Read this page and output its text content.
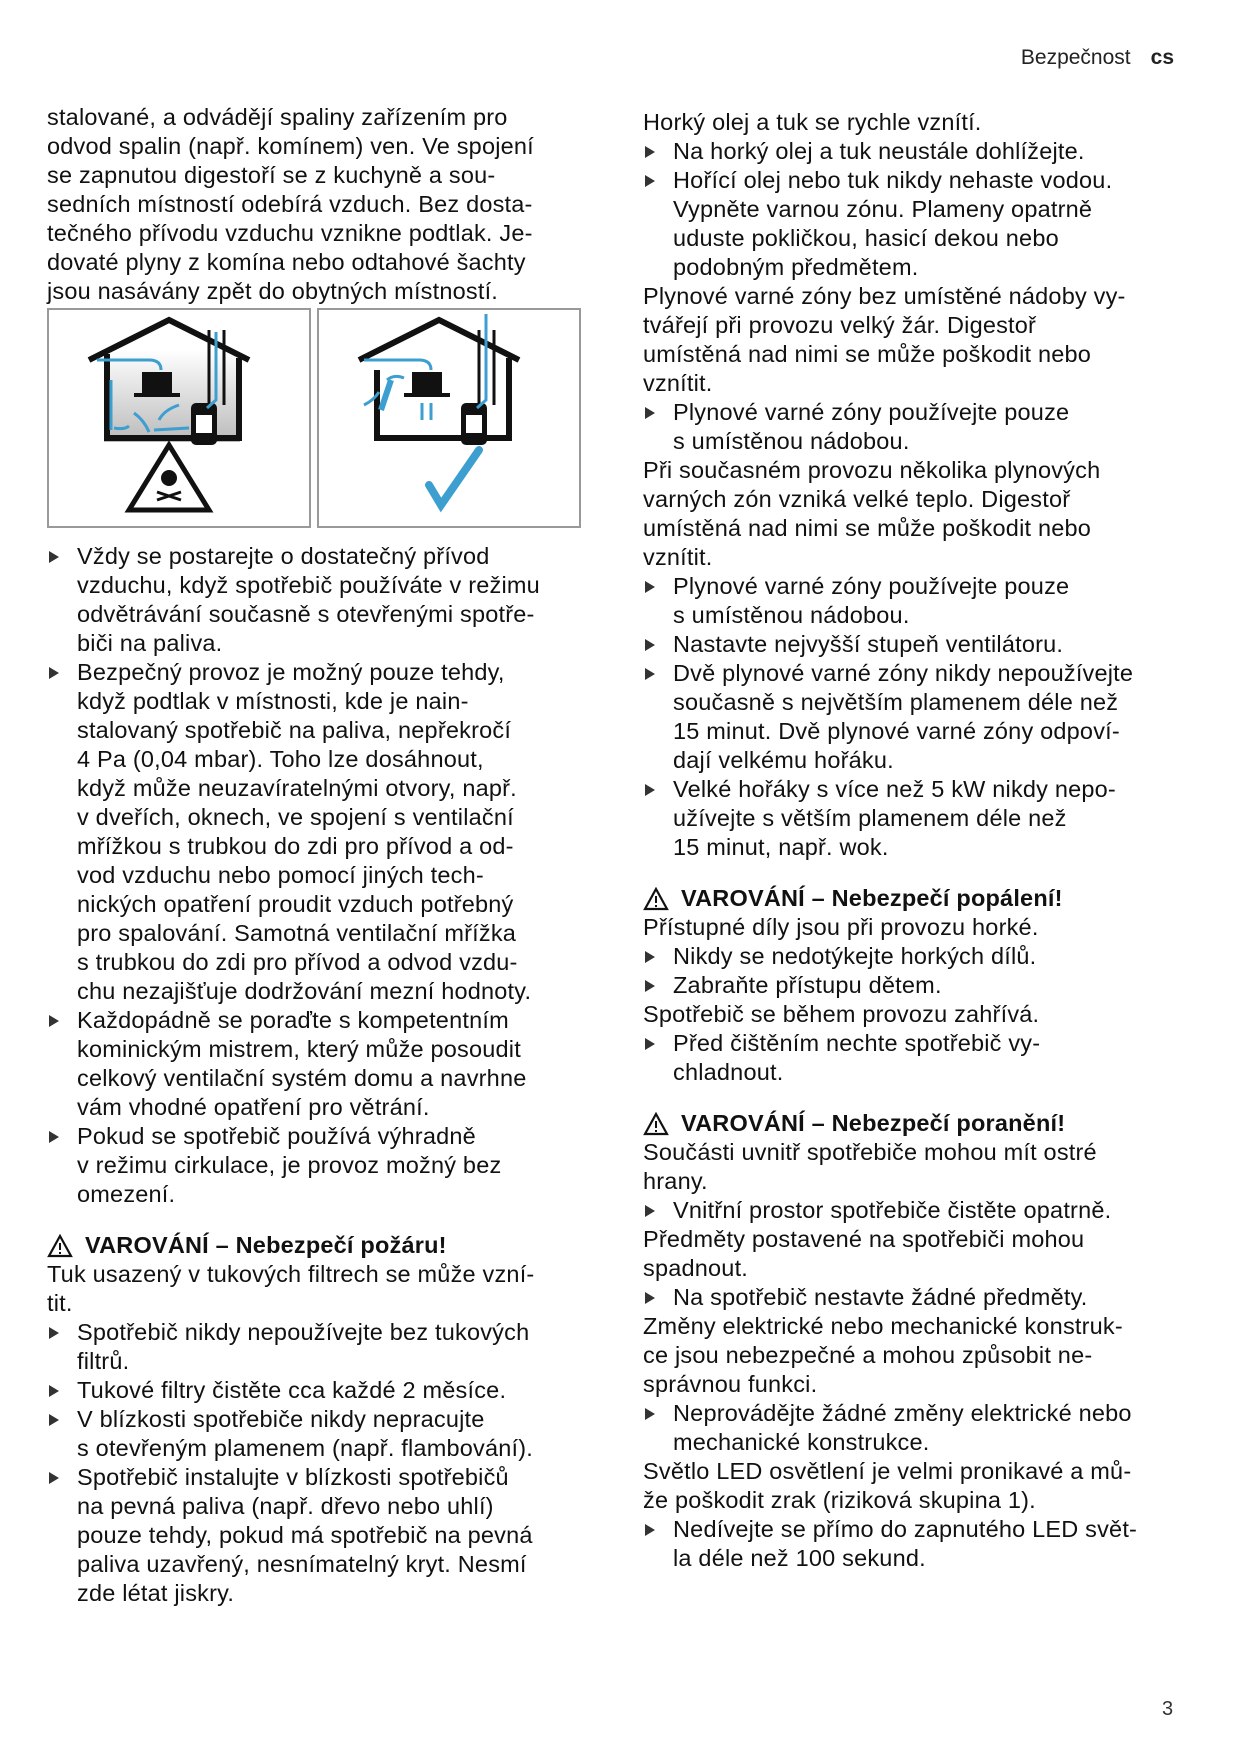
Bezpečnost cs
stalované, a odvádějí spaliny zařízením pro
odvod spalin (např. komínem) ven. Ve spojení
se zapnutou digestoří se z kuchyně a sou-
sedních místností odebírá vzduch. Bez dosta-
tečného přívodu vzduchu vznikne podtlak. Je-
dovaté plyny z komína nebo odtahové šachty
jsou nasávány zpět do obytných místností.
Vždy se postarejte o dostatečný přívod
vzduchu, když spotřebič používáte v režimu
odvětrávání současně s otevřenými spotře-
biči na paliva.
Bezpečný provoz je možný pouze tehdy,
když podtlak v místnosti, kde je nain-
stalovaný spotřebič na paliva, nepřekročí
4 Pa (0,04 mbar). Toho lze dosáhnout,
když může neuzavíratelnými otvory, např.
v dveřích, oknech, ve spojení s ventilační
mřížkou s trubkou do zdi pro přívod a od-
vod vzduchu nebo pomocí jiných tech-
nických opatření proudit vzduch potřebný
pro spalování. Samotná ventilační mřížka
s trubkou do zdi pro přívod a odvod vzdu-
chu nezajišťuje dodržování mezní hodnoty.
Každopádně se poraďte s kompetentním
kominickým mistrem, který může posoudit
celkový ventilační systém domu a navrhne
vám vhodné opatření pro větrání.
Pokud se spotřebič používá výhradně
v režimu cirkulace, je provoz možný bez
omezení.
VAROVÁNÍ – Nebezpečí požáru!
Tuk usazený v tukových filtrech se může vzní-
tit.
Spotřebič nikdy nepoužívejte bez tukových
filtrů.
Tukové filtry čistěte cca každé 2 měsíce.
V blízkosti spotřebiče nikdy nepracujte
s otevřeným plamenem (např. flambování).
Spotřebič instalujte v blízkosti spotřebičů
na pevná paliva (např. dřevo nebo uhlí)
pouze tehdy, pokud má spotřebič na pevná
paliva uzavřený, nesnímatelný kryt. Nesmí
zde létat jiskry.
Horký olej a tuk se rychle vznítí.
Na horký olej a tuk neustále dohlížejte.
Hořící olej nebo tuk nikdy nehaste vodou.
Vypněte varnou zónu. Plameny opatrně
uduste pokličkou, hasicí dekou nebo
podobným předmětem.
Plynové varné zóny bez umístěné nádoby vy-
tvářejí při provozu velký žár. Digestoř
umístěná nad nimi se může poškodit nebo
vznítit.
Plynové varné zóny používejte pouze
s umístěnou nádobou.
Při současném provozu několika plynových
varných zón vzniká velké teplo. Digestoř
umístěná nad nimi se může poškodit nebo
vznítit.
Plynové varné zóny používejte pouze
s umístěnou nádobou.
Nastavte nejvyšší stupeň ventilátoru.
Dvě plynové varné zóny nikdy nepoužívejte
současně s největším plamenem déle než
15 minut. Dvě plynové varné zóny odpoví-
dají velkému hořáku.
Velké hořáky s více než 5 kW nikdy nepo-
užívejte s větším plamenem déle než
15 minut, např. wok.
VAROVÁNÍ – Nebezpečí popálení!
Přístupné díly jsou při provozu horké.
Nikdy se nedotýkejte horkých dílů.
Zabraňte přístupu dětem.
Spotřebič se během provozu zahřívá.
Před čištěním nechte spotřebič vy-
chladnout.
VAROVÁNÍ – Nebezpečí poranění!
Součásti uvnitř spotřebiče mohou mít ostré
hrany.
Vnitřní prostor spotřebiče čistěte opatrně.
Předměty postavené na spotřebiči mohou
spadnout.
Na spotřebič nestavte žádné předměty.
Změny elektrické nebo mechanické konstruk-
ce jsou nebezpečné a mohou způsobit ne-
správnou funkci.
Neprovádějte žádné změny elektrické nebo
mechanické konstrukce.
Světlo LED osvětlení je velmi pronikavé a mů-
že poškodit zrak (riziková skupina 1).
Nedívejte se přímo do zapnutého LED svět-
la déle než 100 sekund.
3
